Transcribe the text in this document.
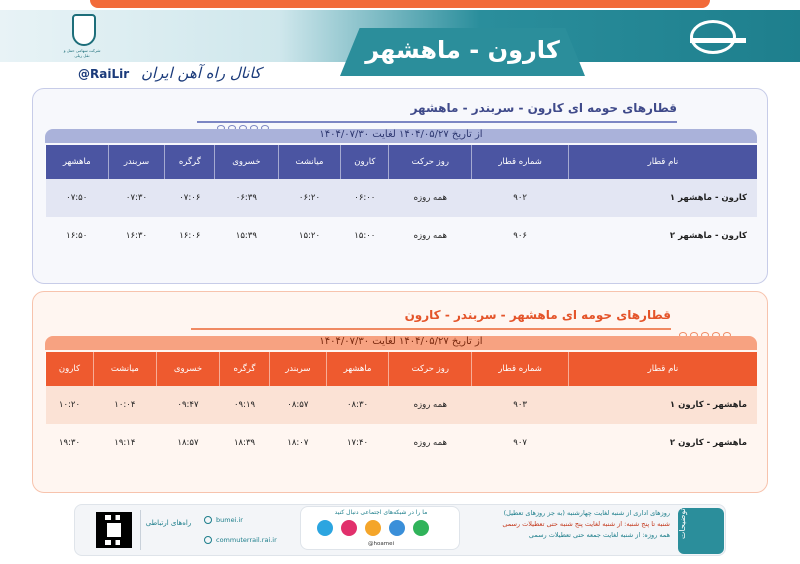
کارون - ماهشهر
شرکت سهامی حمل و نقل ریلی
@RaiLir کانال راه آهن ایران
قطارهای حومه ای کارون - سربندر - ماهشهر
از تاریخ ۱۴۰۴/۰۵/۲۷ لغایت ۱۴۰۴/۰۷/۳۰
نام قطار	شماره قطار	روز حرکت	کارون	میانشت	خسروی	گرگره	سربندر	ماهشهر
کارون - ماهشهر ۱	۹۰۲	همه روزه	۰۶:۰۰	۰۶:۲۰	۰۶:۳۹	۰۷:۰۶	۰۷:۳۰	۰۷:۵۰
کارون - ماهشهر ۲	۹۰۶	همه روزه	۱۵:۰۰	۱۵:۲۰	۱۵:۳۹	۱۶:۰۶	۱۶:۳۰	۱۶:۵۰
قطارهای حومه ای ماهشهر - سربندر - کارون
از تاریخ ۱۴۰۴/۰۵/۲۷ لغایت ۱۴۰۴/۰۷/۳۰
نام قطار	شماره قطار	روز حرکت	ماهشهر	سربندر	گرگره	خسروی	میانشت	کارون
ماهشهر - کارون ۱	۹۰۳	همه روزه	۰۸:۳۰	۰۸:۵۷	۰۹:۱۹	۰۹:۴۷	۱۰:۰۴	۱۰:۲۰
ماهشهر - کارون ۲	۹۰۷	همه روزه	۱۷:۴۰	۱۸:۰۷	۱۸:۳۹	۱۸:۵۷	۱۹:۱۴	۱۹:۳۰
توضیحات
روزهای اداری از شنبه لغایت چهارشنبه (به جز روزهای تعطیل)
شنبه تا پنج شنبه: از شنبه لغایت پنج شنبه حتی تعطیلات رسمی
همه روزه: از شنبه لغایت جمعه حتی تعطیلات رسمی
ما را در شبکه‌های اجتماعی دنبال کنید
@hoamei
bumei.ir
commuterrail.rai.ir
راه‌های ارتباطی
